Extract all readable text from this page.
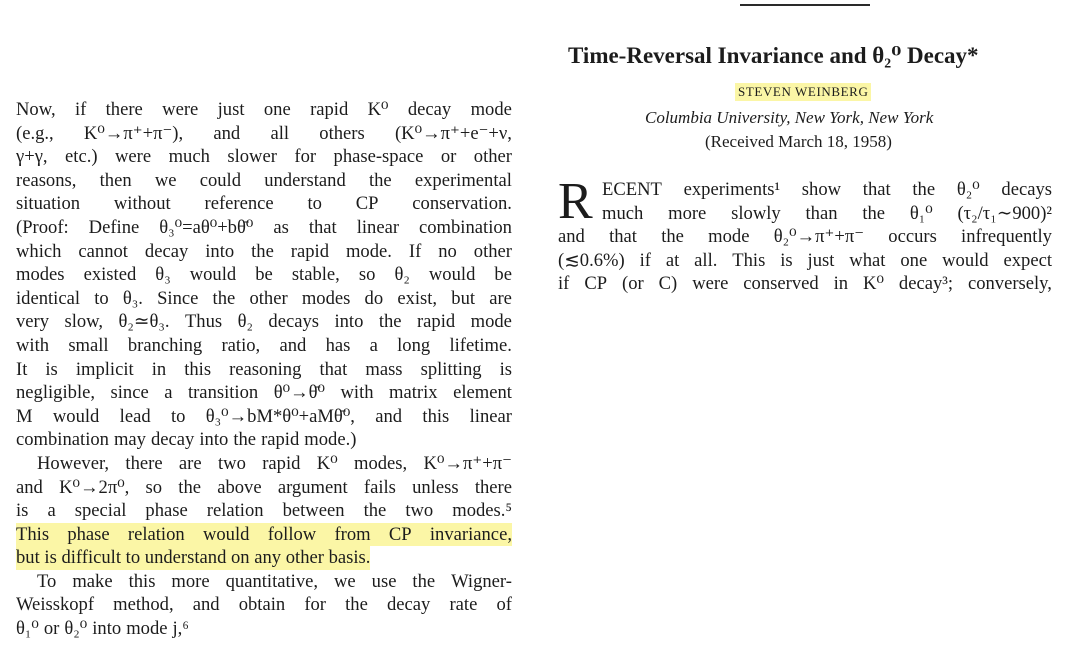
Time-Reversal Invariance and θ₂⁰ Decay*
STEVEN WEINBERG
Columbia University, New York, New York
(Received March 18, 1958)
Now, if there were just one rapid K⁰ decay mode
(e.g., K⁰→π⁺+π⁻), and all others (K⁰→π⁺+e⁻+ν,
γ+γ, etc.) were much slower for phase-space or other
reasons, then we could understand the experimental
situation without reference to CP conservation.
(Proof: Define θ₃⁰=aθ⁰+bθ̄⁰ as that linear combination
which cannot decay into the rapid mode. If no other
modes existed θ₃ would be stable, so θ₂ would be
identical to θ₃. Since the other modes do exist, but are
very slow, θ₂≃θ₃. Thus θ₂ decays into the rapid mode
with small branching ratio, and has a long lifetime.
It is implicit in this reasoning that mass splitting is
negligible, since a transition θ⁰→θ̄⁰ with matrix element
M would lead to θ₃⁰→bM*θ⁰+aMθ̄⁰, and this linear
combination may decay into the rapid mode.)
However, there are two rapid K⁰ modes, K⁰→π⁺+π⁻
and K⁰→2π⁰, so the above argument fails unless there
is a special phase relation between the two modes.⁵
This phase relation would follow from CP invariance,
but is difficult to understand on any other basis.
To make this more quantitative, we use the Wigner-
Weisskopf method, and obtain for the decay rate of
θ₁⁰ or θ₂⁰ into mode j,⁶
R ECENT experiments¹ show that the θ₂⁰ decays
much more slowly than the θ₁⁰ (τ₂/τ₁∼900)²
and that the mode θ₂⁰→π⁺+π⁻ occurs infrequently
(≲0.6%) if at all. This is just what one would expect
if CP (or C) were conserved in K⁰ decay³; conversely,
